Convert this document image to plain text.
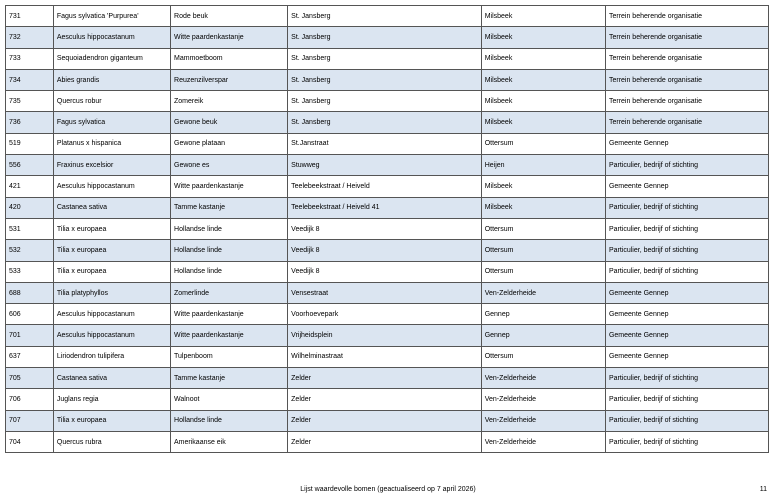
731	Fagus sylvatica 'Purpurea'	Rode beuk	St. Jansberg	Milsbeek	Terrein beherende organisatie
732	Aesculus hippocastanum	Witte paardenkastanje	St. Jansberg	Milsbeek	Terrein beherende organisatie
733	Sequoiadendron giganteum	Mammoetboom	St. Jansberg	Milsbeek	Terrein beherende organisatie
734	Abies grandis	Reuzenzilverspar	St. Jansberg	Milsbeek	Terrein beherende organisatie
735	Quercus robur	Zomereik	St. Jansberg	Milsbeek	Terrein beherende organisatie
736	Fagus sylvatica	Gewone beuk	St. Jansberg	Milsbeek	Terrein beherende organisatie
519	Platanus x hispanica	Gewone plataan	St.Janstraat	Ottersum	Gemeente Gennep
556	Fraxinus excelsior	Gewone es	Stuwweg	Heijen	Particulier, bedrijf of stichting
421	Aesculus hippocastanum	Witte paardenkastanje	Teelebeekstraat / Heiveld	Milsbeek	Gemeente Gennep
420	Castanea sativa	Tamme kastanje	Teelebeekstraat / Heiveld 41	Milsbeek	Particulier, bedrijf of stichting
531	Tilia x europaea	Hollandse linde	Veedijk 8	Ottersum	Particulier, bedrijf of stichting
532	Tilia x europaea	Hollandse linde	Veedijk 8	Ottersum	Particulier, bedrijf of stichting
533	Tilia x europaea	Hollandse linde	Veedijk 8	Ottersum	Particulier, bedrijf of stichting
688	Tilia platyphyllos	Zomerlinde	Vensestraat	Ven-Zelderheide	Gemeente Gennep
606	Aesculus hippocastanum	Witte paardenkastanje	Voorhoevepark	Gennep	Gemeente Gennep
701	Aesculus hippocastanum	Witte paardenkastanje	Vrijheidsplein	Gennep	Gemeente Gennep
637	Liriodendron tulipifera	Tulpenboom	Wilhelminastraat	Ottersum	Gemeente Gennep
705	Castanea sativa	Tamme kastanje	Zelder	Ven-Zelderheide	Particulier, bedrijf of stichting
706	Juglans regia	Walnoot	Zelder	Ven-Zelderheide	Particulier, bedrijf of stichting
707	Tilia x europaea	Hollandse linde	Zelder	Ven-Zelderheide	Particulier, bedrijf of stichting
704	Quercus rubra	Amerikaanse eik	Zelder	Ven-Zelderheide	Particulier, bedrijf of stichting
Lijst waardevolle bomen (geactualiseerd op 7 april 2026)	11
